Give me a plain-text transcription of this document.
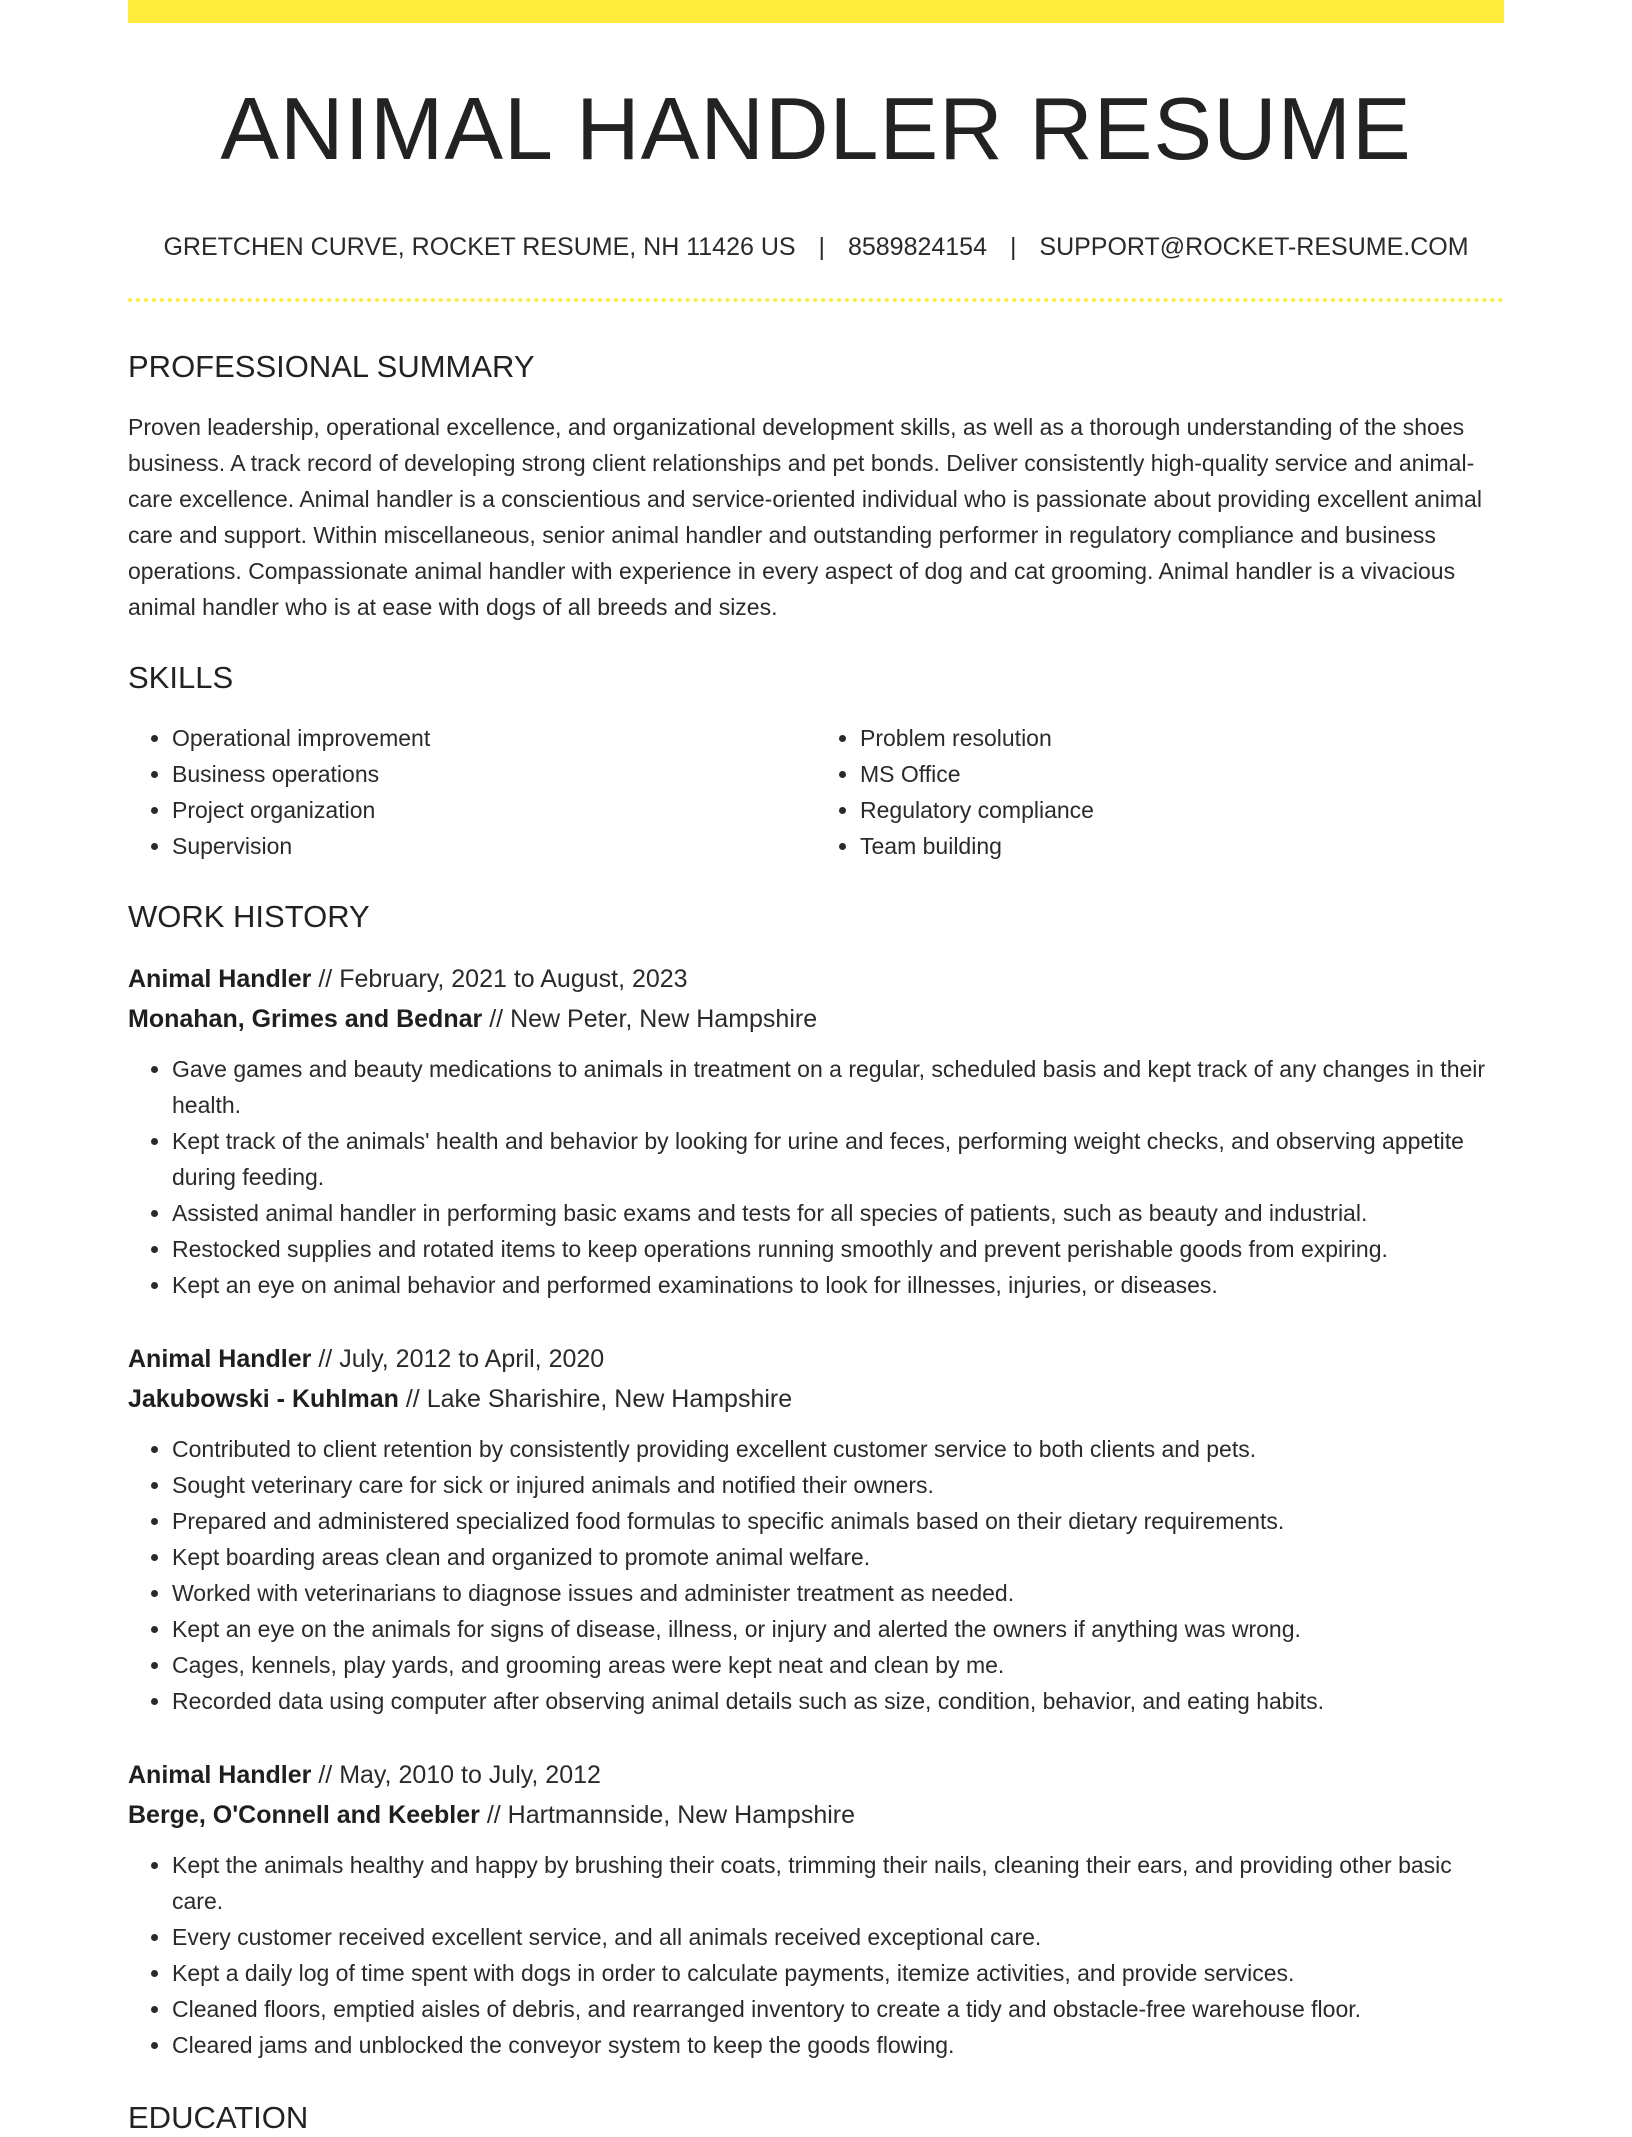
ANIMAL HANDLER RESUME
GRETCHEN CURVE, ROCKET RESUME, NH 11426 US | 8589824154 | SUPPORT@ROCKET-RESUME.COM
PROFESSIONAL SUMMARY

Proven leadership, operational excellence, and organizational development skills, as well as a thorough understanding of the shoes business. A track record of developing strong client relationships and pet bonds. Deliver consistently high-quality service and animal-care excellence. Animal handler is a conscientious and service-oriented individual who is passionate about providing excellent animal care and support. Within miscellaneous, senior animal handler and outstanding performer in regulatory compliance and business operations. Compassionate animal handler with experience in every aspect of dog and cat grooming. Animal handler is a vivacious animal handler who is at ease with dogs of all breeds and sizes.

SKILLS
• Operational improvement
• Business operations
• Project organization
• Supervision
• Problem resolution
• MS Office
• Regulatory compliance
• Team building
WORK HISTORY
Animal Handler // February, 2021 to August, 2023
Monahan, Grimes and Bednar // New Peter, New Hampshire
• Gave games and beauty medications to animals in treatment on a regular, scheduled basis and kept track of any changes in their health.
• Kept track of the animals' health and behavior by looking for urine and feces, performing weight checks, and observing appetite during feeding.
• Assisted animal handler in performing basic exams and tests for all species of patients, such as beauty and industrial.
• Restocked supplies and rotated items to keep operations running smoothly and prevent perishable goods from expiring.
• Kept an eye on animal behavior and performed examinations to look for illnesses, injuries, or diseases.
Animal Handler // July, 2012 to April, 2020
Jakubowski - Kuhlman // Lake Sharishire, New Hampshire
• Contributed to client retention by consistently providing excellent customer service to both clients and pets.
• Sought veterinary care for sick or injured animals and notified their owners.
• Prepared and administered specialized food formulas to specific animals based on their dietary requirements.
• Kept boarding areas clean and organized to promote animal welfare.
• Worked with veterinarians to diagnose issues and administer treatment as needed.
• Kept an eye on the animals for signs of disease, illness, or injury and alerted the owners if anything was wrong.
• Cages, kennels, play yards, and grooming areas were kept neat and clean by me.
• Recorded data using computer after observing animal details such as size, condition, behavior, and eating habits.
Animal Handler // May, 2010 to July, 2012
Berge, O'Connell and Keebler // Hartmannside, New Hampshire
• Kept the animals healthy and happy by brushing their coats, trimming their nails, cleaning their ears, and providing other basic care.
• Every customer received excellent service, and all animals received exceptional care.
• Kept a daily log of time spent with dogs in order to calculate payments, itemize activities, and provide services.
• Cleaned floors, emptied aisles of debris, and rearranged inventory to create a tidy and obstacle-free warehouse floor.
• Cleared jams and unblocked the conveyor system to keep the goods flowing.
EDUCATION
